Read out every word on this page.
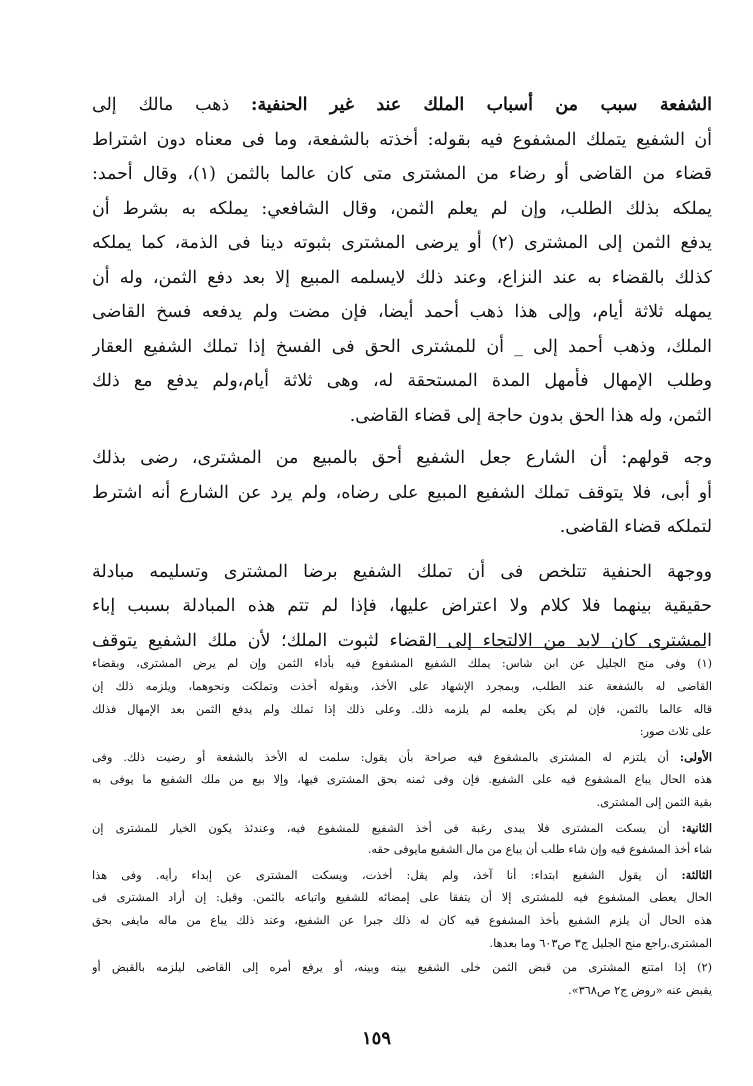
الشفعة سبب من أسباب الملك عند غير الحنفية: ذهب مالك إلى
أن الشفيع يتملك المشفوع فيه بقوله: أخذته بالشفعة، وما فى معناه دون اشتراط
قضاء من القاضى أو رضاء من المشترى متى كان عالما بالثمن (١)، وقال أحمد:
يملكه بذلك الطلب، وإن لم يعلم الثمن، وقال الشافعي: يملكه به بشرط أن
يدفع الثمن إلى المشترى (٢) أو يرضى المشترى بثبوته دينا فى الذمة، كما يملكه
كذلك بالقضاء به عند النزاع، وعند ذلك لايسلمه المبيع إلا بعد دفع الثمن، وله أن
يمهله ثلاثة أيام، وإلى هذا ذهب أحمد أيضا، فإن مضت ولم يدفعه فسخ القاضى
الملك، وذهب أحمد إلى _ أن للمشترى الحق فى الفسخ إذا تملك الشفيع العقار
وطلب الإمهال فأمهل المدة المستحقة له، وهى ثلاثة أيام،ولم يدفع مع ذلك
الثمن، وله هذا الحق بدون حاجة إلى قضاء القاضى.
وجه قولهم: أن الشارع جعل الشفيع أحق بالمبيع من المشترى، رضى بذلك
أو أبى، فلا يتوقف تملك الشفيع المبيع على رضاه، ولم يرد عن الشارع أنه اشترط
لتملكه قضاء القاضى.
ووجهة الحنفية تتلخص فى أن تملك الشفيع برضا المشترى وتسليمه مبادلة
حقيقية بينهما فلا كلام ولا اعتراض عليها، فإذا لم تتم هذه المبادلة بسبب إباء
المشترى كان لابد من الالتجاء إلى القضاء لثبوت الملك؛ لأن ملك الشفيع يتوقف
(١) وفى منح الجليل عن ابن شاس: يملك الشفيع المشفوع فيه بأداء الثمن وإن لم يرض المشترى، وبقضاء
القاضى له بالشفعة عند الطلب، وبمجرد الإشهاد على الأخذ، وبقوله أخذت وتملكت ونحوهما، ويلزمه ذلك إن
قاله عالما بالثمن، فإن لم يكن يعلمه لم يلزمه ذلك. وعلى ذلك إذا تملك ولم يدفع الثمن بعد الإمهال فذلك
على ثلاث صور:
الأولى: أن يلتزم له المشترى بالمشفوع فيه صراحة بأن يقول: سلمت له الأخذ بالشفعة أو رضيت ذلك. وفى
هذه الحال يباع المشفوع فيه على الشفيع. فإن وفى ثمنه بحق المشترى فيها، وإلا بيع من ملك الشفيع ما يوفى به
بقية الثمن إلى المشترى.
الثانية: أن يسكت المشترى فلا يبدى رغبة فى أخذ الشفيع للمشفوع فيه، وعندئذ يكون الخيار للمشترى إن
شاء أخذ المشفوع فيه وإن شاء طلب أن يباع من مال الشفيع مايوفى حقه.
الثالثة: أن يقول الشفيع ابتداء: أنا آخذ، ولم يقل: أخذت، ويسكت المشترى عن إبداء رأيه. وفى هذا
الحال يعطى المشفوع فيه للمشترى إلا أن يتفقا على إمضائه للشفيع واتباعه بالثمن. وقيل: إن أراد المشترى فى
هذه الحال أن يلزم الشفيع بأخذ المشفوع فيه كان له ذلك جبرا عن الشفيع، وعند ذلك يباع من ماله مايفى بحق
المشترى.راجع منح الجليل ج٣ ص٦٠٣ وما بعدها.
(٢) إذا امتنع المشترى من قبض الثمن خلى الشفيع بينه وبينه، أو يرفع أمره إلى القاضى ليلزمه بالقبض أو
يقبض عنه «روض ج٢ ص٣٦٨».
١٥٩
